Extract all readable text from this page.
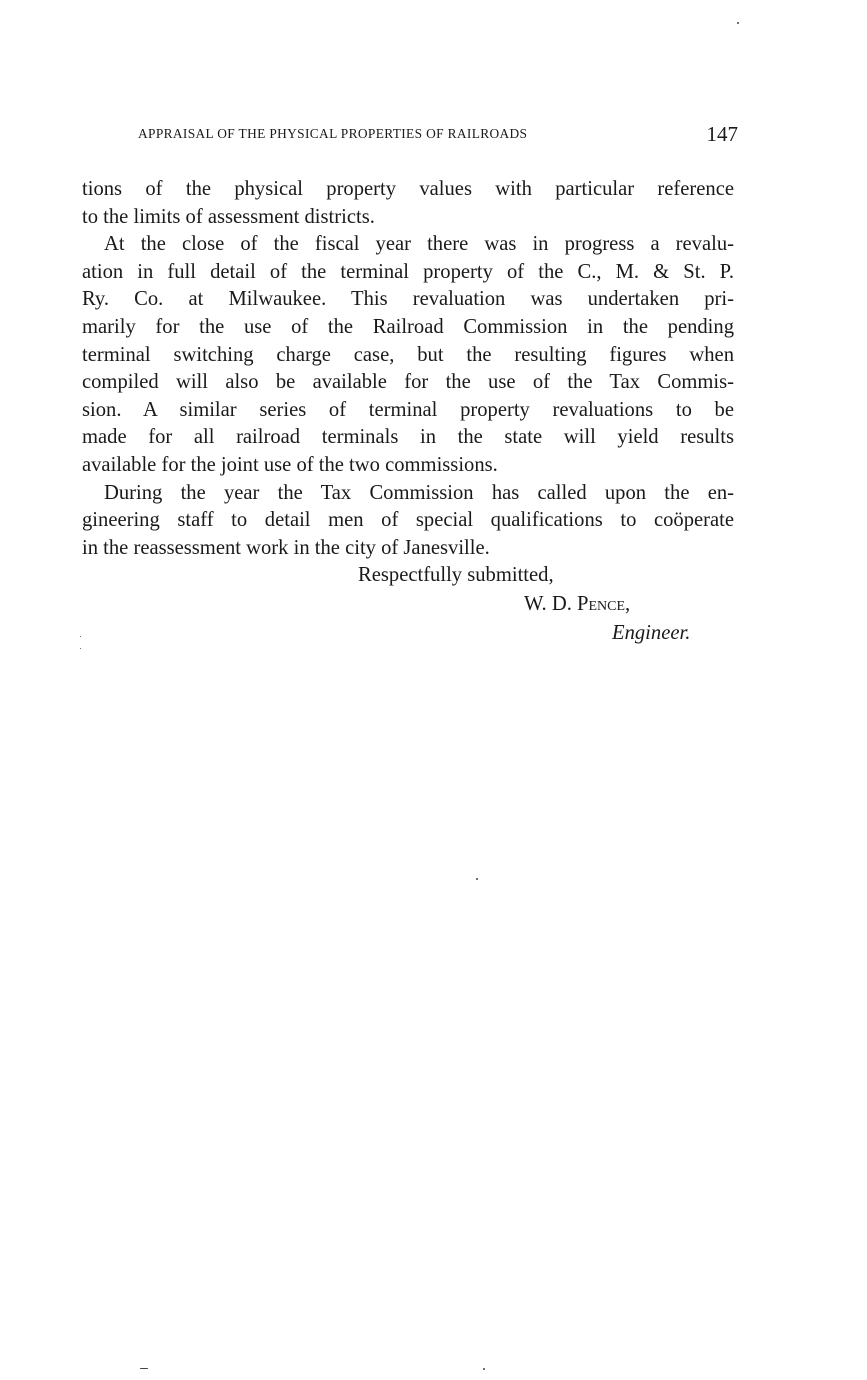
APPRAISAL OF THE PHYSICAL PROPERTIES OF RAILROADS	147
tions of the physical property values with particular reference
to the limits of assessment districts.
At the close of the fiscal year there was in progress a revalu-
ation in full detail of the terminal property of the C., M. & St. P.
Ry. Co. at Milwaukee. This revaluation was undertaken pri-
marily for the use of the Railroad Commission in the pending
terminal switching charge case, but the resulting figures when
compiled will also be available for the use of the Tax Commis-
sion. A similar series of terminal property revaluations to be
made for all railroad terminals in the state will yield results
available for the joint use of the two commissions.
During the year the Tax Commission has called upon the en-
gineering staff to detail men of special qualifications to coöperate
in the reassessment work in the city of Janesville.
Respectfully submitted,
W. D. Pence,
Engineer.
